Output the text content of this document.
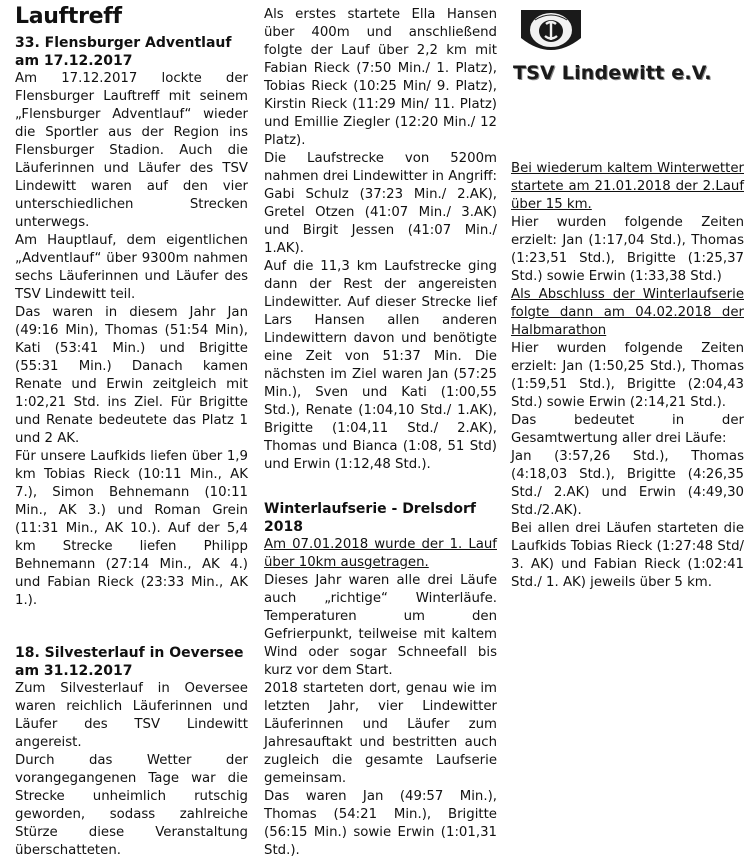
Lauftreff
33. Flensburger Adventlauf am 17.12.2017

Am 17.12.2017 lockte der Flensburger Lauftreff mit seinem „Flensburger Adventlauf“ wieder die Sportler aus der Region ins Flensburger Stadion. Auch die Läuferinnen und Läufer des TSV Lindewitt waren auf den vier unterschiedlichen Strecken unterwegs.

Am Hauptlauf, dem eigentlichen „Adventlauf“ über 9300m nahmen sechs Läuferinnen und Läufer des TSV Lindewitt teil.

Das waren in diesem Jahr Jan (49:16 Min), Thomas (51:54 Min), Kati (53:41 Min.) und Brigitte (55:31 Min.) Danach kamen Renate und Erwin zeitgleich mit 1:02,21 Std. ins Ziel. Für Brigitte und Renate bedeutete das Platz 1 und 2 AK.

Für unsere Laufkids liefen über 1,9 km Tobias Rieck (10:11 Min., AK 7.), Simon Behnemann (10:11 Min., AK 3.) und Roman Grein (11:31 Min., AK 10.). Auf der 5,4 km Strecke liefen Philipp Behnemann (27:14 Min., AK 4.) und Fabian Rieck (23:33 Min., AK 1.).

18. Silvesterlauf in Oeversee am 31.12.2017

Zum Silvesterlauf in Oeversee waren reichlich Läuferinnen und Läufer des TSV Lindewitt angereist.

Durch das Wetter der vorangegangenen Tage war die Strecke unheimlich rutschig geworden, sodass zahlreiche Stürze diese Veranstaltung überschatteten.

Als erstes startete Ella Hansen über 400m und anschließend folgte der Lauf über 2,2 km mit Fabian Rieck (7:50 Min./ 1. Platz), Tobias Rieck (10:25 Min/ 9. Platz), Kirstin Rieck (11:29 Min/ 11. Platz) und Emillie Ziegler (12:20 Min./ 12 Platz).

Die Laufstrecke von 5200m nahmen drei Lindewitter in Angriff: Gabi Schulz (37:23 Min./ 2.AK), Gretel Otzen (41:07 Min./ 3.AK) und Birgit Jessen (41:07 Min./ 1.AK).

Auf die 11,3 km Laufstrecke ging dann der Rest der angereisten Lindewitter. Auf dieser Strecke lief Lars Hansen allen anderen Lindewittern davon und benötigte eine Zeit von 51:37 Min. Die nächsten im Ziel waren Jan (57:25 Min.), Sven und Kati (1:00,55 Std.), Renate (1:04,10 Std./ 1.AK), Brigitte (1:04,11 Std./ 2.AK), Thomas und Bianca (1:08, 51 Std) und Erwin (1:12,48 Std.).

Winterlaufserie - Drelsdorf 2018

Am 07.01.2018 wurde der 1. Lauf über 10km ausgetragen.

Dieses Jahr waren alle drei Läufe auch „richtige“ Winterläufe. Temperaturen um den Gefrierpunkt, teilweise mit kaltem Wind oder sogar Schneefall bis kurz vor dem Start.

2018 starteten dort, genau wie im letzten Jahr, vier Lindewitter Läuferinnen und Läufer zum Jahresauftakt und bestritten auch zugleich die gesamte Laufserie gemeinsam.

Das waren Jan (49:57 Min.), Thomas (54:21 Min.), Brigitte (56:15 Min.) sowie Erwin (1:01,31 Std.).

TSV Lindewitt e.V.

Bei wiederum kaltem Winterwetter startete am 21.01.2018 der 2.Lauf über 15 km.

Hier wurden folgende Zeiten erzielt: Jan (1:17,04 Std.), Thomas (1:23,51 Std.), Brigitte (1:25,37 Std.) sowie Erwin (1:33,38 Std.)

Als Abschluss der Winterlaufserie folgte dann am 04.02.2018 der Halbmarathon

Hier wurden folgende Zeiten erzielt: Jan (1:50,25 Std.), Thomas (1:59,51 Std.), Brigitte (2:04,43 Std.) sowie Erwin (2:14,21 Std.).

Das bedeutet in der Gesamtwertung aller drei Läufe:

Jan (3:57,26 Std.), Thomas (4:18,03 Std.), Brigitte (4:26,35 Std./ 2.AK) und Erwin (4:49,30 Std./2.AK).

Bei allen drei Läufen starteten die Laufkids Tobias Rieck (1:27:48 Std/ 3. AK) und Fabian Rieck (1:02:41 Std./ 1. AK) jeweils über 5 km.
